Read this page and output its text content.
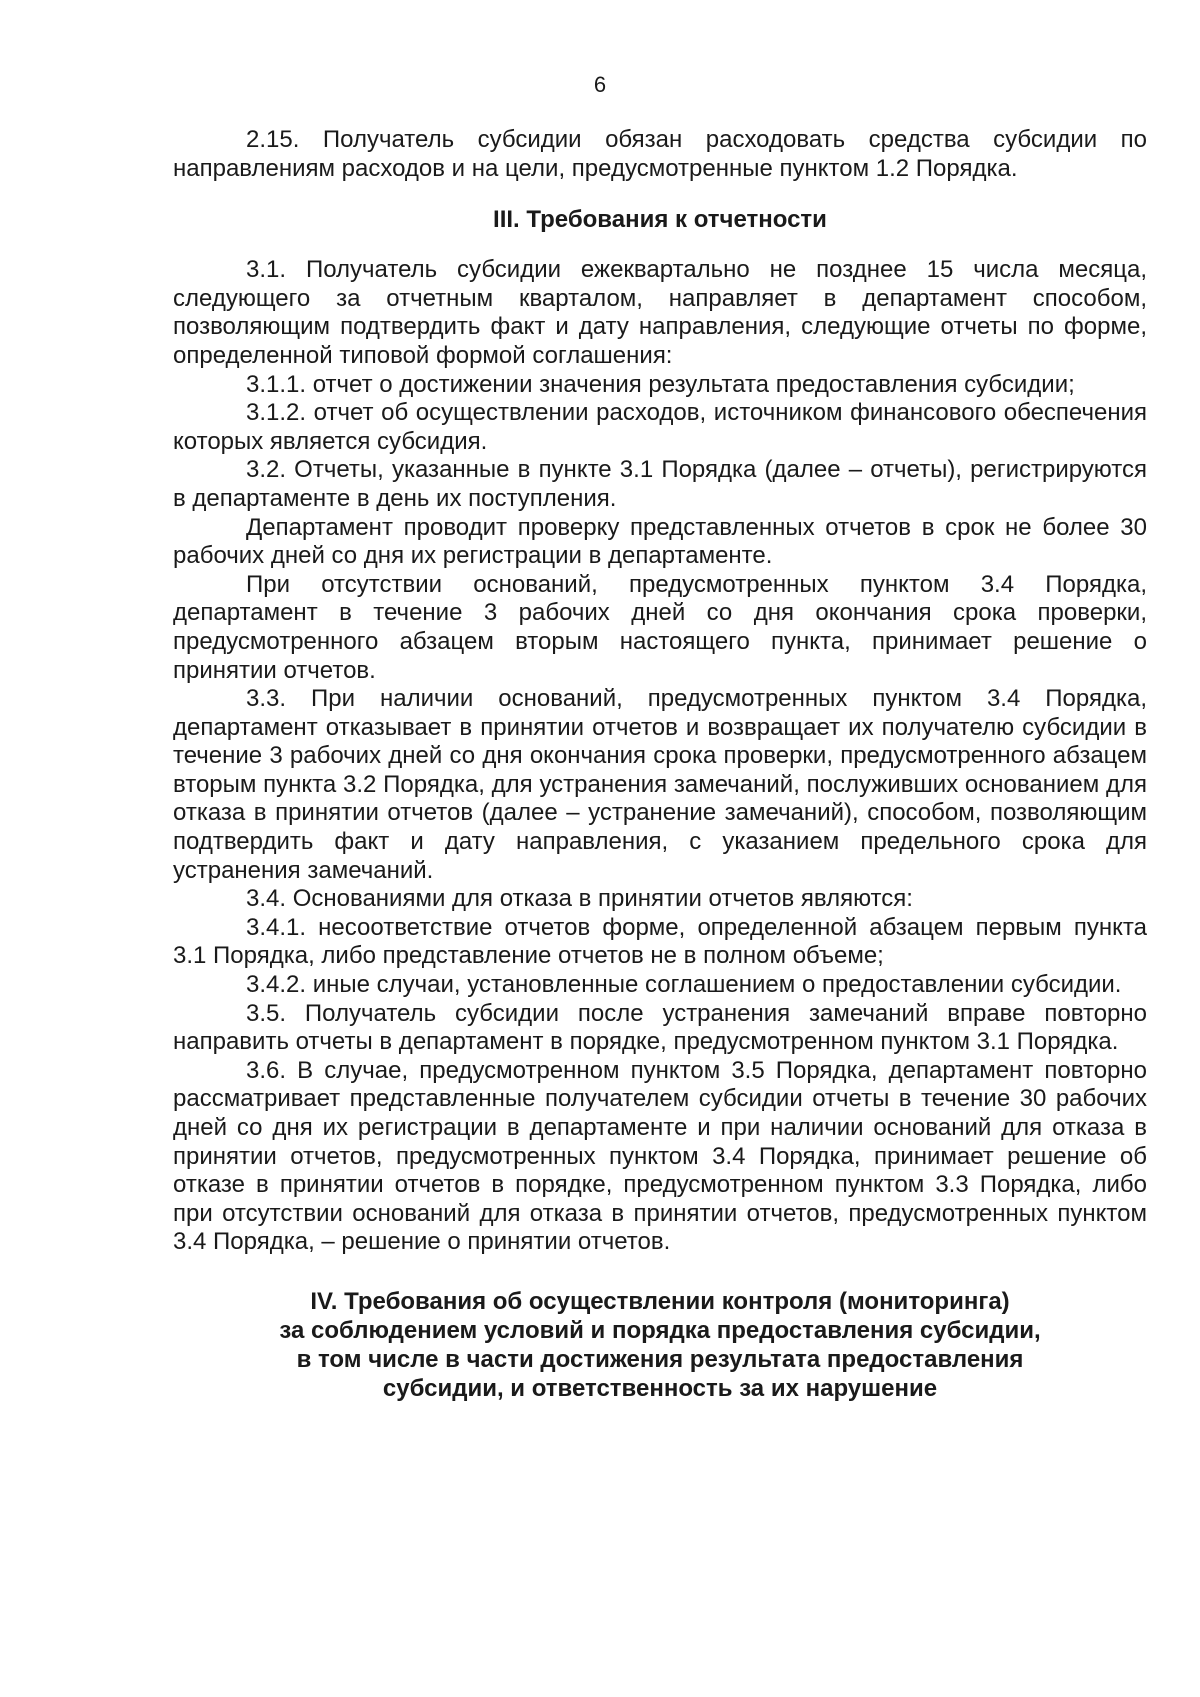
6

2.15. Получатель субсидии обязан расходовать средства субсидии по направлениям расходов и на цели, предусмотренные пунктом 1.2 Порядка.

III. Требования к отчетности

3.1. Получатель субсидии ежеквартально не позднее 15 числа месяца, следующего за отчетным кварталом, направляет в департамент способом, позволяющим подтвердить факт и дату направления, следующие отчеты по форме, определенной типовой формой соглашения:

3.1.1. отчет о достижении значения результата предоставления субсидии;

3.1.2. отчет об осуществлении расходов, источником финансового обеспечения которых является субсидия.

3.2. Отчеты, указанные в пункте 3.1 Порядка (далее – отчеты), регистрируются в департаменте в день их поступления.

Департамент проводит проверку представленных отчетов в срок не более 30 рабочих дней со дня их регистрации в департаменте.

При отсутствии оснований, предусмотренных пунктом 3.4 Порядка, департамент в течение 3 рабочих дней со дня окончания срока проверки, предусмотренного абзацем вторым настоящего пункта, принимает решение о принятии отчетов.

3.3. При наличии оснований, предусмотренных пунктом 3.4 Порядка, департамент отказывает в принятии отчетов и возвращает их получателю субсидии в течение 3 рабочих дней со дня окончания срока проверки, предусмотренного абзацем вторым пункта 3.2 Порядка, для устранения замечаний, послуживших основанием для отказа в принятии отчетов (далее – устранение замечаний), способом, позволяющим подтвердить факт и дату направления, с указанием предельного срока для устранения замечаний.

3.4. Основаниями для отказа в принятии отчетов являются:

3.4.1. несоответствие отчетов форме, определенной абзацем первым пункта 3.1 Порядка, либо представление отчетов не в полном объеме;

3.4.2. иные случаи, установленные соглашением о предоставлении субсидии.

3.5. Получатель субсидии после устранения замечаний вправе повторно направить отчеты в департамент в порядке, предусмотренном пунктом 3.1 Порядка.

3.6. В случае, предусмотренном пунктом 3.5 Порядка, департамент повторно рассматривает представленные получателем субсидии отчеты в течение 30 рабочих дней со дня их регистрации в департаменте и при наличии оснований для отказа в принятии отчетов, предусмотренных пунктом 3.4 Порядка, принимает решение об отказе в принятии отчетов в порядке, предусмотренном пунктом 3.3 Порядка, либо при отсутствии оснований для отказа в принятии отчетов, предусмотренных пунктом 3.4 Порядка, – решение о принятии отчетов.

IV. Требования об осуществлении контроля (мониторинга)
за соблюдением условий и порядка предоставления субсидии,
в том числе в части достижения результата предоставления
субсидии, и ответственность за их нарушение
